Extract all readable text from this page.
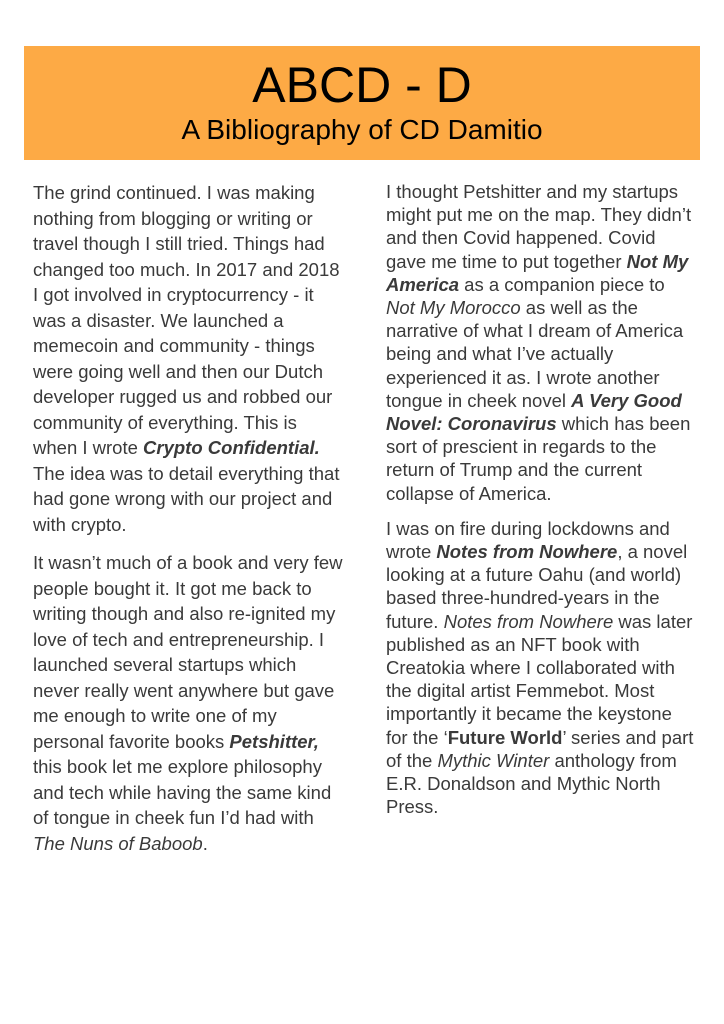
ABCD - D
A Bibliography of CD Damitio

The grind continued. I was making nothing from blogging or writing or travel though I still tried. Things had changed too much. In 2017 and 2018 I got involved in cryptocurrency - it was a disaster. We launched a memecoin and community - things were going well and then our Dutch developer rugged us and robbed our community of everything. This is when I wrote Crypto Confidential. The idea was to detail everything that had gone wrong with our project and with crypto.

It wasn’t much of a book and very few people bought it. It got me back to writing though and also re-ignited my love of tech and entrepreneurship. I launched several startups which never really went anywhere but gave me enough to write one of my personal favorite books Petshitter, this book let me explore philosophy and tech while having the same kind of tongue in cheek fun I’d had with The Nuns of Baboob.

I thought Petshitter and my startups might put me on the map. They didn’t and then Covid happened. Covid gave me time to put together Not My America as a companion piece to Not My Morocco as well as the narrative of what I dream of America being and what I’ve actually experienced it as. I wrote another tongue in cheek novel A Very Good Novel: Coronavirus which has been sort of prescient in regards to the return of Trump and the current collapse of America.

I was on fire during lockdowns and wrote Notes from Nowhere, a novel looking at a future Oahu (and world) based three-hundred-years in the future. Notes from Nowhere was later published as an NFT book with Creatokia where I collaborated with the digital artist Femmebot. Most importantly it became the keystone for the ‘Future World’ series and part of the Mythic Winter anthology from E.R. Donaldson and Mythic North Press.
